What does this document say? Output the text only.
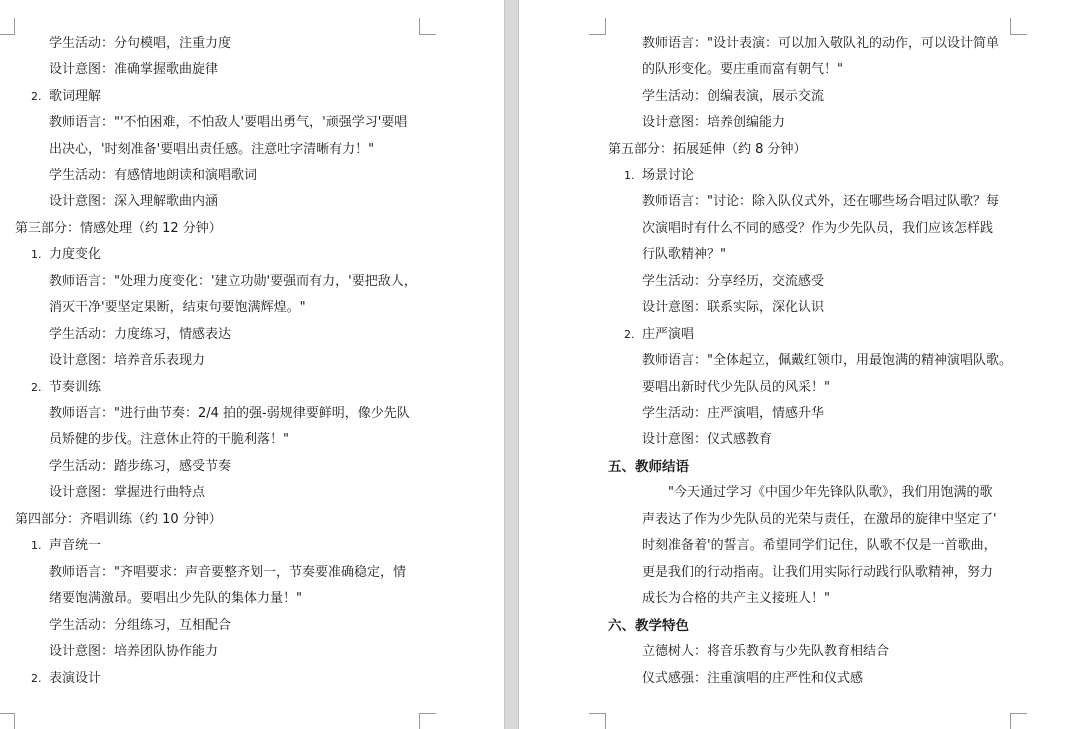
学生活动：分句模唱，注重力度
设计意图：准确掌握歌曲旋律
2. 歌词理解
教师语言："'不怕困难，不怕敌人'要唱出勇气，'顽强学习'要唱
出决心，'时刻准备'要唱出责任感。注意吐字清晰有力！"
学生活动：有感情地朗读和演唱歌词
设计意图：深入理解歌曲内涵
第三部分：情感处理（约 12 分钟）
1. 力度变化
教师语言："处理力度变化：'建立功勋'要强而有力，'要把敌人，
消灭干净'要坚定果断，结束句要饱满辉煌。"
学生活动：力度练习，情感表达
设计意图：培养音乐表现力
2. 节奏训练
教师语言："进行曲节奏：2/4 拍的强-弱规律要鲜明，像少先队
员矫健的步伐。注意休止符的干脆利落！"
学生活动：踏步练习，感受节奏
设计意图：掌握进行曲特点
第四部分：齐唱训练（约 10 分钟）
1. 声音统一
教师语言："齐唱要求：声音要整齐划一，节奏要准确稳定，情
绪要饱满激昂。要唱出少先队的集体力量！"
学生活动：分组练习，互相配合
设计意图：培养团队协作能力
2. 表演设计
教师语言："设计表演：可以加入敬队礼的动作，可以设计简单
的队形变化。要庄重而富有朝气！"
学生活动：创编表演，展示交流
设计意图：培养创编能力
第五部分：拓展延伸（约 8 分钟）
1. 场景讨论
教师语言："讨论：除入队仪式外，还在哪些场合唱过队歌？每
次演唱时有什么不同的感受？作为少先队员，我们应该怎样践
行队歌精神？"
学生活动：分享经历，交流感受
设计意图：联系实际，深化认识
2. 庄严演唱
教师语言："全体起立，佩戴红领巾，用最饱满的精神演唱队歌。
要唱出新时代少先队员的风采！"
学生活动：庄严演唱，情感升华
设计意图：仪式感教育
五、教师结语
"今天通过学习《中国少年先锋队队歌》，我们用饱满的歌
声表达了作为少先队员的光荣与责任，在激昂的旋律中坚定了'
时刻准备着'的誓言。希望同学们记住，队歌不仅是一首歌曲，
更是我们的行动指南。让我们用实际行动践行队歌精神，努力
成长为合格的共产主义接班人！"
六、教学特色
立德树人：将音乐教育与少先队教育相结合
仪式感强：注重演唱的庄严性和仪式感
